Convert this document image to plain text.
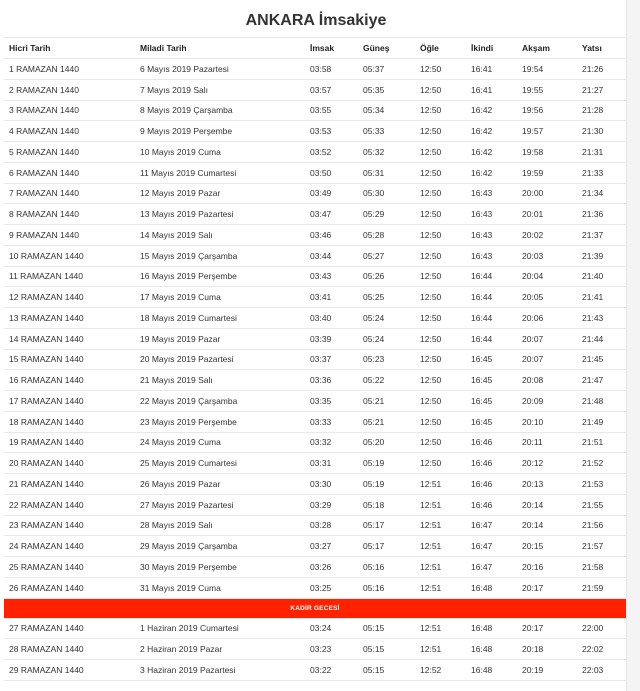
ANKARA İmsakiye
Hicri Tarih	Miladi Tarih	İmsak	Güneş	Öğle	İkindi	Akşam	Yatsı
1 RAMAZAN 1440	6 Mayıs 2019 Pazartesi	03:58	05:37	12:50	16:41	19:54	21:26
2 RAMAZAN 1440	7 Mayıs 2019 Salı	03:57	05:35	12:50	16:41	19:55	21:27
3 RAMAZAN 1440	8 Mayıs 2019 Çarşamba	03:55	05:34	12:50	16:42	19:56	21:28
4 RAMAZAN 1440	9 Mayıs 2019 Perşembe	03:53	05:33	12:50	16:42	19:57	21:30
5 RAMAZAN 1440	10 Mayıs 2019 Cuma	03:52	05:32	12:50	16:42	19:58	21:31
6 RAMAZAN 1440	11 Mayıs 2019 Cumartesi	03:50	05:31	12:50	16:42	19:59	21:33
7 RAMAZAN 1440	12 Mayıs 2019 Pazar	03:49	05:30	12:50	16:43	20:00	21:34
8 RAMAZAN 1440	13 Mayıs 2019 Pazartesi	03:47	05:29	12:50	16:43	20:01	21:36
9 RAMAZAN 1440	14 Mayıs 2019 Salı	03:46	05:28	12:50	16:43	20:02	21:37
10 RAMAZAN 1440	15 Mayıs 2019 Çarşamba	03:44	05:27	12:50	16:43	20:03	21:39
11 RAMAZAN 1440	16 Mayıs 2019 Perşembe	03:43	05:26	12:50	16:44	20:04	21:40
12 RAMAZAN 1440	17 Mayıs 2019 Cuma	03:41	05:25	12:50	16:44	20:05	21:41
13 RAMAZAN 1440	18 Mayıs 2019 Cumartesi	03:40	05:24	12:50	16:44	20:06	21:43
14 RAMAZAN 1440	19 Mayıs 2019 Pazar	03:39	05:24	12:50	16:44	20:07	21:44
15 RAMAZAN 1440	20 Mayıs 2019 Pazartesi	03:37	05:23	12:50	16:45	20:07	21:45
16 RAMAZAN 1440	21 Mayıs 2019 Salı	03:36	05:22	12:50	16:45	20:08	21:47
17 RAMAZAN 1440	22 Mayıs 2019 Çarşamba	03:35	05:21	12:50	16:45	20:09	21:48
18 RAMAZAN 1440	23 Mayıs 2019 Perşembe	03:33	05:21	12:50	16:45	20:10	21:49
19 RAMAZAN 1440	24 Mayıs 2019 Cuma	03:32	05:20	12:50	16:46	20:11	21:51
20 RAMAZAN 1440	25 Mayıs 2019 Cumartesi	03:31	05:19	12:50	16:46	20:12	21:52
21 RAMAZAN 1440	26 Mayıs 2019 Pazar	03:30	05:19	12:51	16:46	20:13	21:53
22 RAMAZAN 1440	27 Mayıs 2019 Pazartesi	03:29	05:18	12:51	16:46	20:14	21:55
23 RAMAZAN 1440	28 Mayıs 2019 Salı	03:28	05:17	12:51	16:47	20:14	21:56
24 RAMAZAN 1440	29 Mayıs 2019 Çarşamba	03:27	05:17	12:51	16:47	20:15	21:57
25 RAMAZAN 1440	30 Mayıs 2019 Perşembe	03:26	05:16	12:51	16:47	20:16	21:58
26 RAMAZAN 1440	31 Mayıs 2019 Cuma	03:25	05:16	12:51	16:48	20:17	21:59
KADİR GECESİ
27 RAMAZAN 1440	1 Haziran 2019 Cumartesi	03:24	05:15	12:51	16:48	20:17	22:00
28 RAMAZAN 1440	2 Haziran 2019 Pazar	03:23	05:15	12:51	16:48	20:18	22:02
29 RAMAZAN 1440	3 Haziran 2019 Pazartesi	03:22	05:15	12:52	16:48	20:19	22:03
